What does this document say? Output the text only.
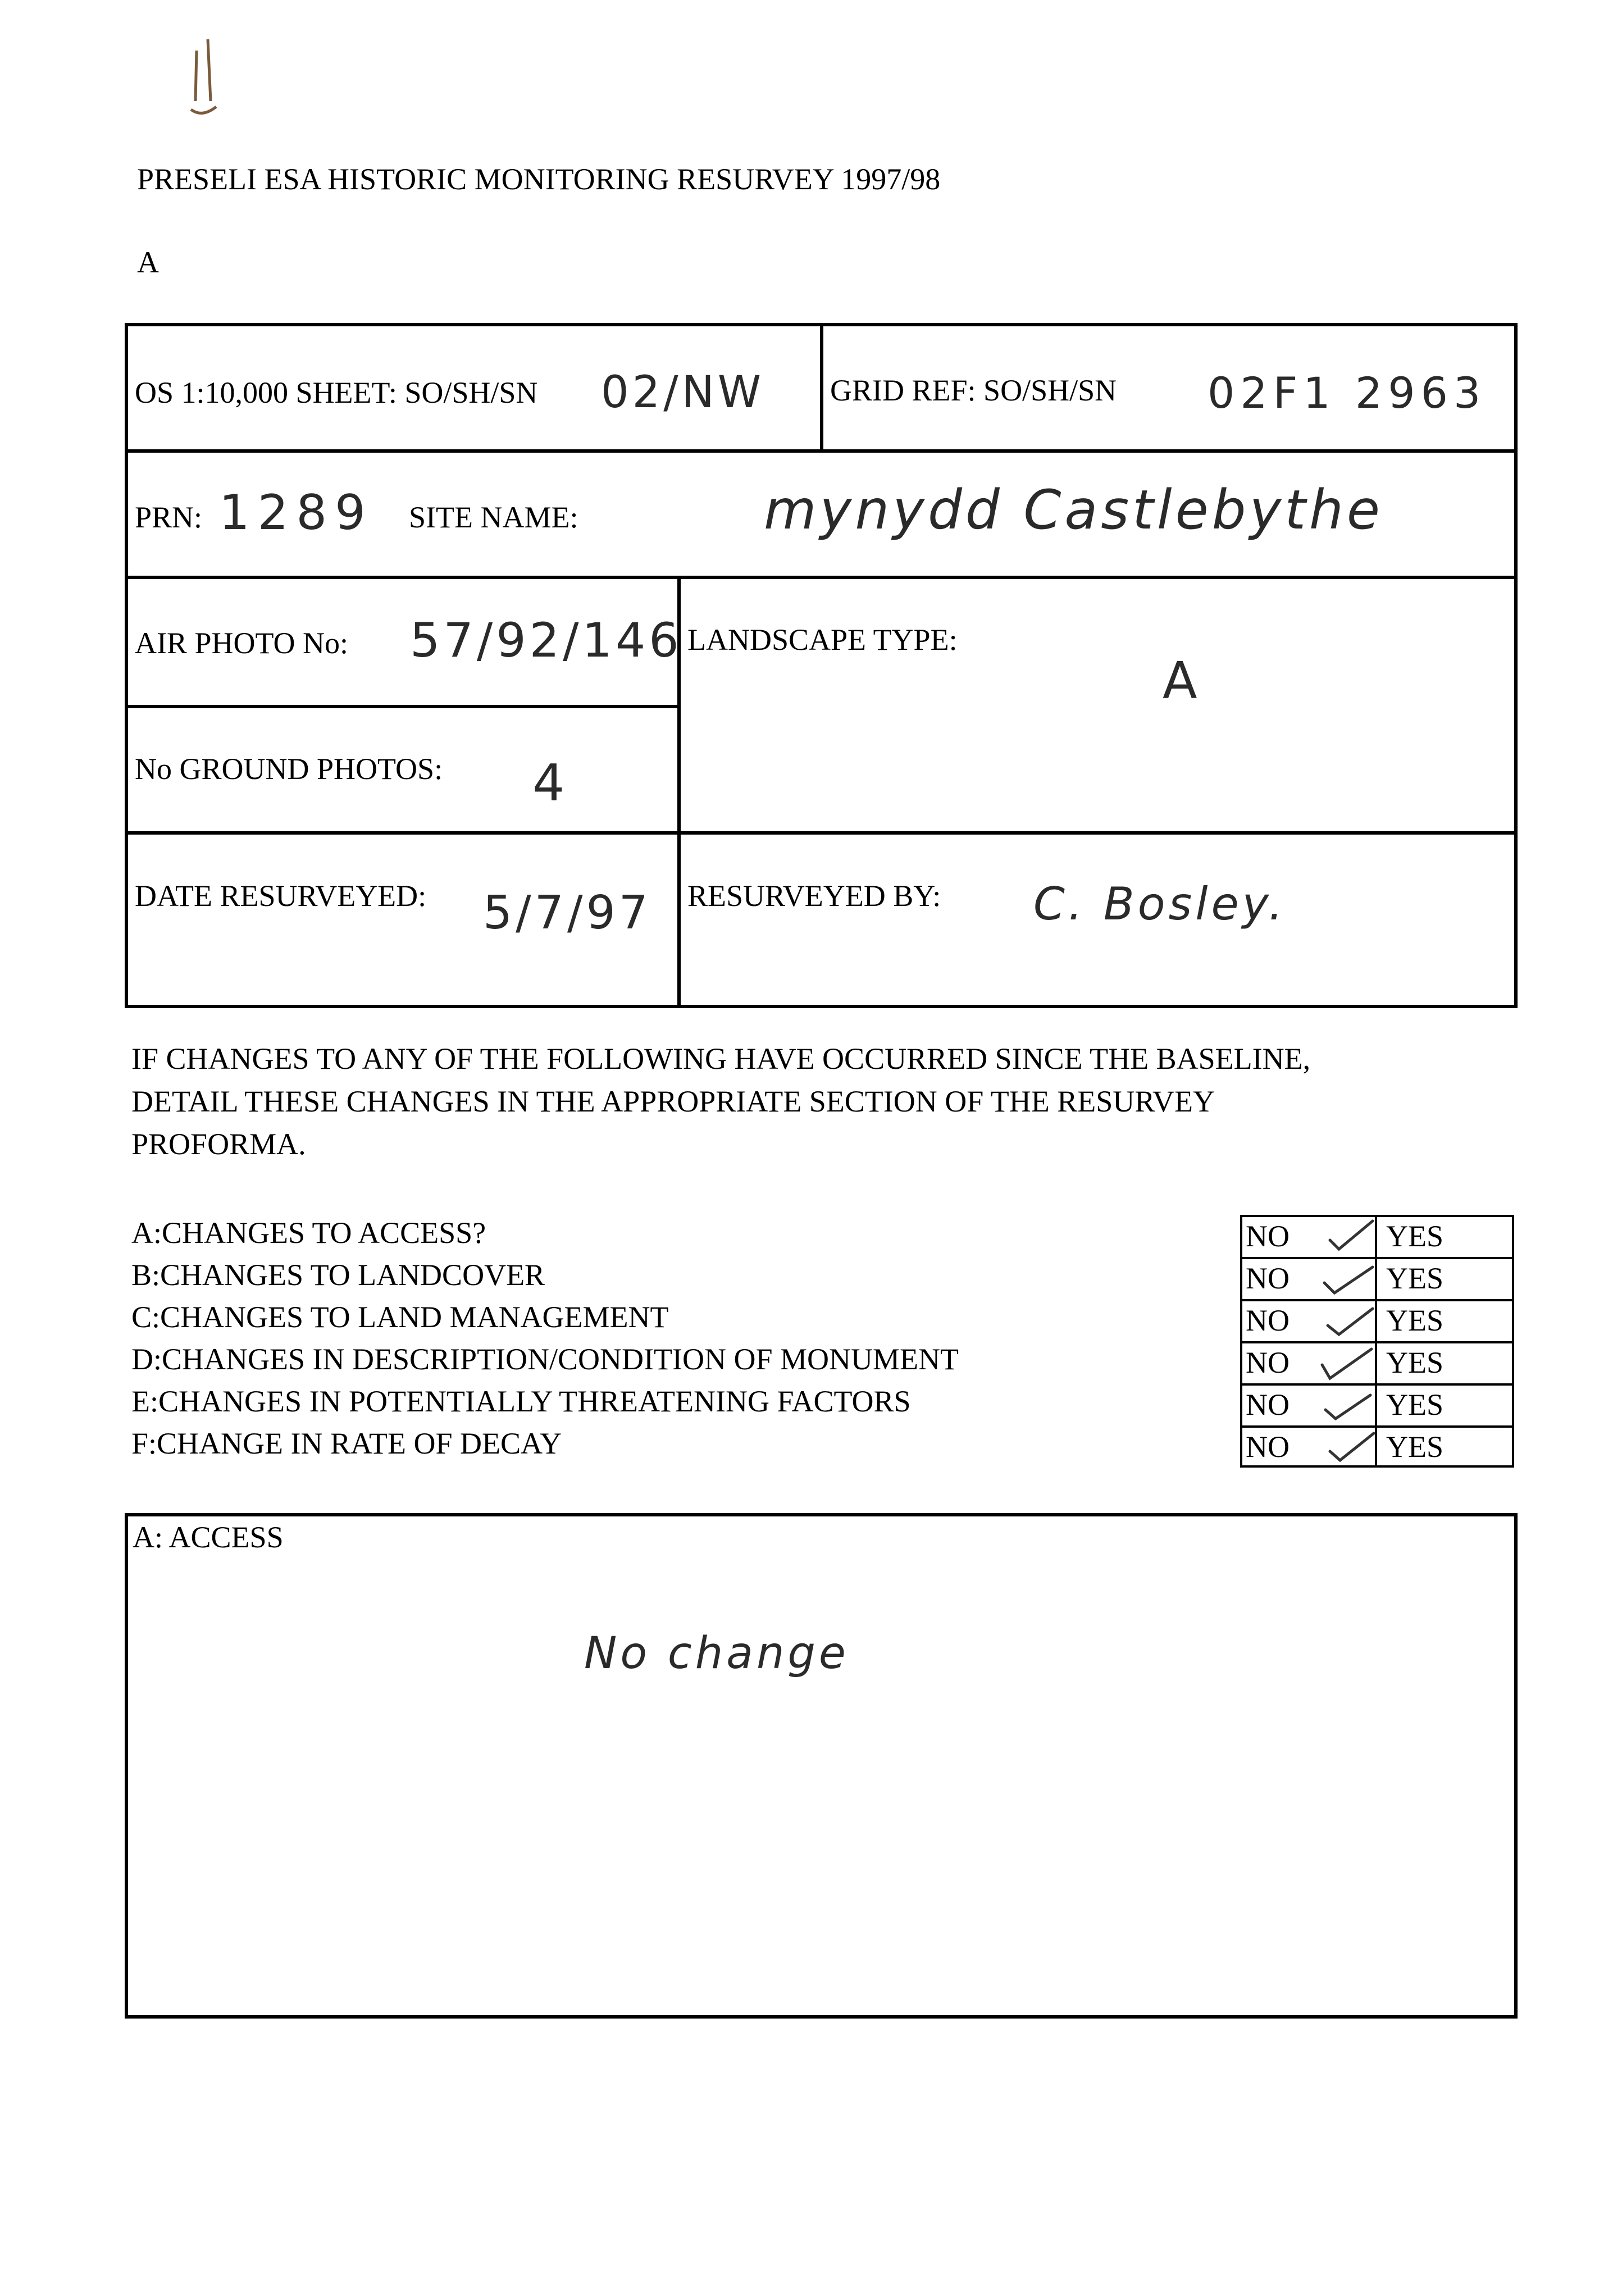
PRESELI ESA HISTORIC MONITORING RESURVEY 1997/98
A
OS 1:10,000 SHEET: SO/SH/SN 02/NW GRID REF: SO/SH/SN 02F1 2963
PRN: 1289 SITE NAME:	mynydd Castlebythe
AIR PHOTO No: 57/92/146 LANDSCAPE TYPE:
A
No GROUND PHOTOS: 4
DATE RESURVEYED: 5/7/97 RESURVEYED BY: C. Bosley.
IF CHANGES TO ANY OF THE FOLLOWING HAVE OCCURRED SINCE THE BASELINE,
DETAIL THESE CHANGES IN THE APPROPRIATE SECTION OF THE RESURVEY
PROFORMA.
A:CHANGES TO ACCESS?
B:CHANGES TO LANDCOVER
C:CHANGES TO LAND MANAGEMENT
D:CHANGES IN DESCRIPTION/CONDITION OF MONUMENT
E:CHANGES IN POTENTIALLY THREATENING FACTORS
F:CHANGE IN RATE OF DECAY
NO
NO
NO
NO
NO
NO
YES
YES
YES
YES
YES
YES
A: ACCESS
No change
